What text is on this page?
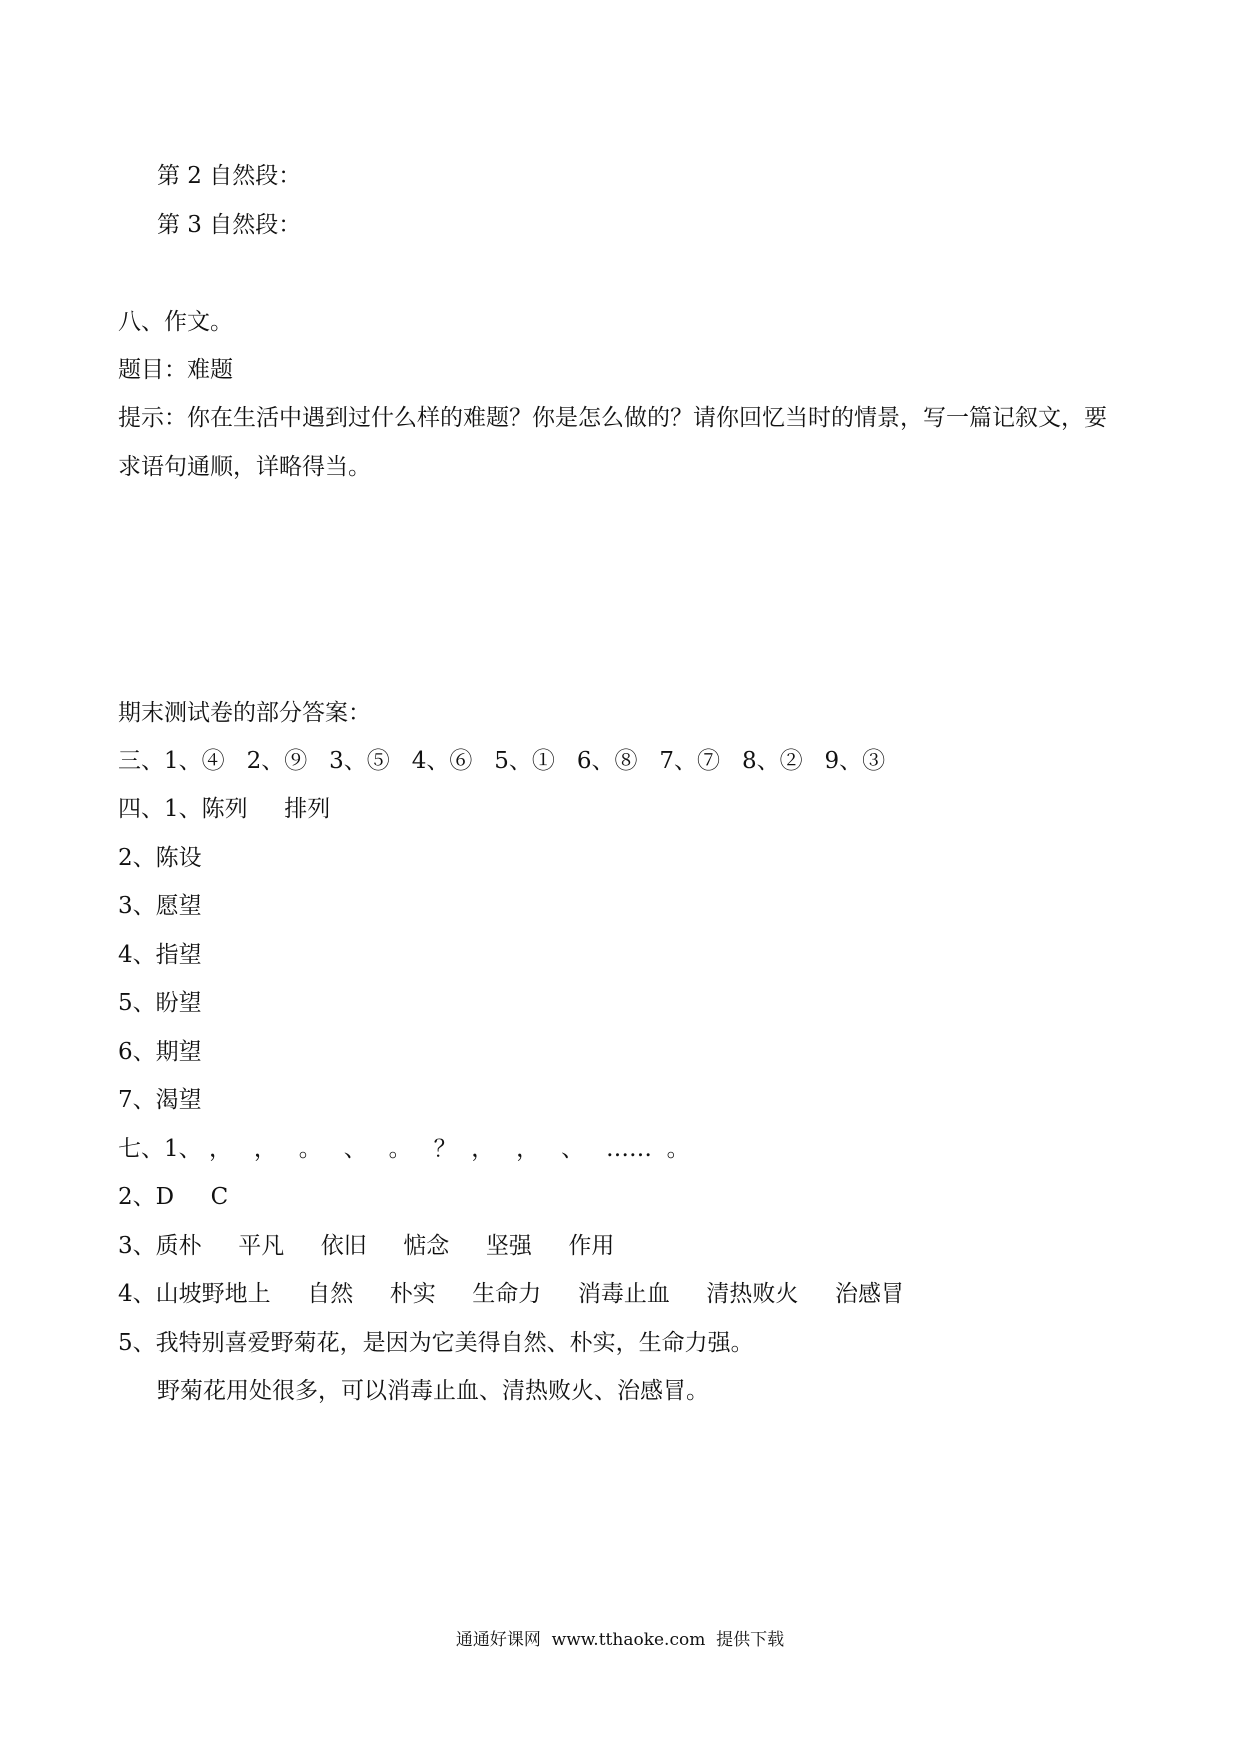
第 2 自然段：

第 3 自然段：

八、作文。

题目：难题

提示：你在生活中遇到过什么样的难题？你是怎么做的？请你回忆当时的情景，写一篇记叙文，要求语句通顺，详略得当。

期末测试卷的部分答案：

三、1、④   2、⑨   3、⑤   4、⑥   5、①   6、⑧   7、⑦   8、②   9、③

四、1、陈列     排列

2、陈设

3、愿望

4、指望

5、盼望

6、期望

7、渴望

七、1、 ，   ，   。   、   。   ？  ，   ，   、   ……  。

2、D     C

3、质朴     平凡     依旧     惦念     坚强     作用

4、山坡野地上     自然     朴实     生命力     消毒止血     清热败火     治感冒

5、我特别喜爱野菊花，是因为它美得自然、朴实，生命力强。

野菊花用处很多，可以消毒止血、清热败火、治感冒。

通通好课网  www.tthaoke.com  提供下载
